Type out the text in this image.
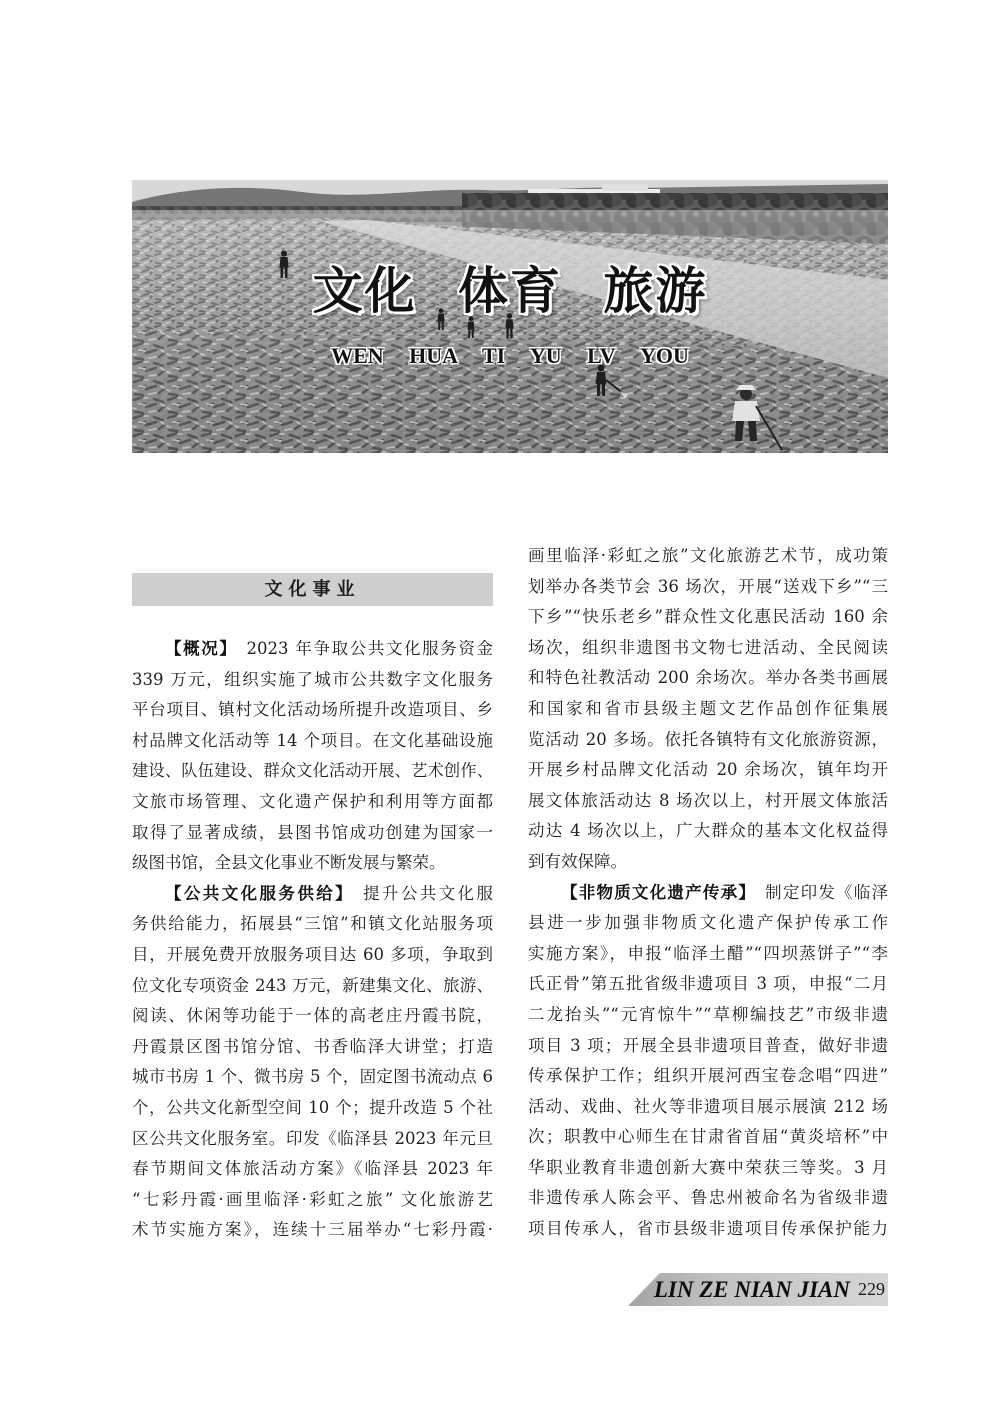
文化 体育 旅游
WEN HUA TI YU LV YOU
文化事业
【概况】 2023 年争取公共文化服务资金
339 万元，组织实施了城市公共数字文化服务
平台项目、镇村文化活动场所提升改造项目、乡
村品牌文化活动等 14 个项目。在文化基础设施
建设、队伍建设、群众文化活动开展、艺术创作、
文旅市场管理、文化遗产保护和利用等方面都
取得了显著成绩，县图书馆成功创建为国家一
级图书馆，全县文化事业不断发展与繁荣。
【公共文化服务供给】 提升公共文化服
务供给能力，拓展县“三馆”和镇文化站服务项
目，开展免费开放服务项目达 60 多项，争取到
位文化专项资金 243 万元，新建集文化、旅游、
阅读、休闲等功能于一体的高老庄丹霞书院，
丹霞景区图书馆分馆、书香临泽大讲堂；打造
城市书房 1 个、微书房 5 个，固定图书流动点 6
个，公共文化新型空间 10 个；提升改造 5 个社
区公共文化服务室。印发《临泽县 2023 年元旦
春节期间文体旅活动方案》《临泽县 2023 年
“七彩丹霞·画里临泽·彩虹之旅” 文化旅游艺
术节实施方案》，连续十三届举办“七彩丹霞·
画里临泽·彩虹之旅”文化旅游艺术节，成功策
划举办各类节会 36 场次，开展“送戏下乡”“三
下乡”“快乐老乡”群众性文化惠民活动 160 余
场次，组织非遗图书文物七进活动、全民阅读
和特色社教活动 200 余场次。举办各类书画展
和国家和省市县级主题文艺作品创作征集展
览活动 20 多场。依托各镇特有文化旅游资源，
开展乡村品牌文化活动 20 余场次，镇年均开
展文体旅活动达 8 场次以上，村开展文体旅活
动达 4 场次以上，广大群众的基本文化权益得
到有效保障。
【非物质文化遗产传承】 制定印发《临泽
县进一步加强非物质文化遗产保护传承工作
实施方案》，申报“临泽土醋”“四坝蒸饼子”“李
氏正骨”第五批省级非遗项目 3 项，申报“二月
二龙抬头”“元宵惊牛”“草柳编技艺”市级非遗
项目 3 项；开展全县非遗项目普查，做好非遗
传承保护工作；组织开展河西宝卷念唱“四进”
活动、戏曲、社火等非遗项目展示展演 212 场
次；职教中心师生在甘肃省首届“黄炎培杯”中
华职业教育非遗创新大赛中荣获三等奖。3 月
非遗传承人陈会平、鲁忠州被命名为省级非遗
项目传承人，省市县级非遗项目传承保护能力
LIN ZE NIAN JIAN 229
